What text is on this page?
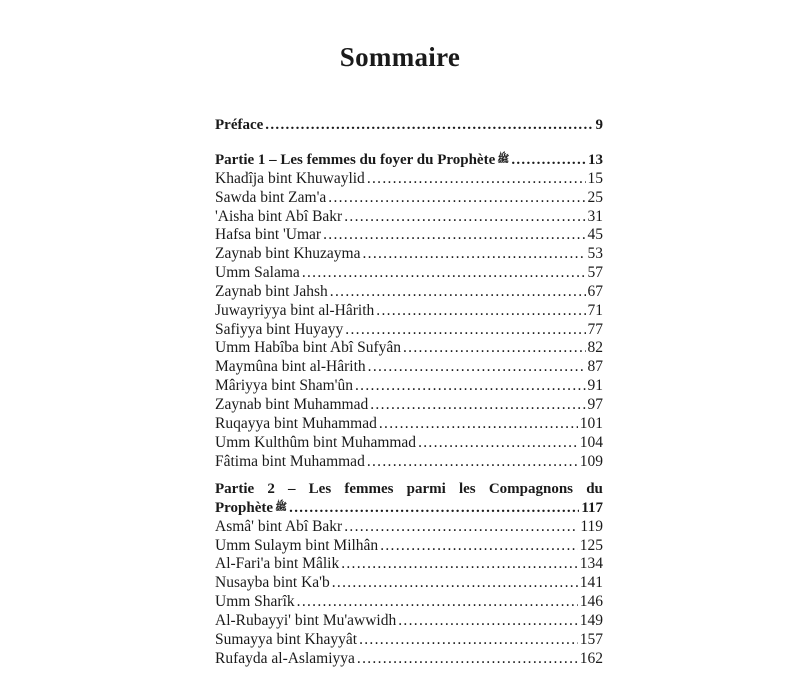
Sommaire
Préface .....	9
Partie 1 – Les femmes du foyer du Prophète ﷺ .....	13
Khadîja bint Khuwaylid .....	15
Sawda bint Zam'a .....	25
'Aisha bint Abî Bakr .....	31
Hafsa bint 'Umar .....	45
Zaynab bint Khuzayma .....	53
Umm Salama .....	57
Zaynab bint Jahsh .....	67
Juwayriyya bint al-Hârith .....	71
Safiyya bint Huyayy .....	77
Umm Habîba bint Abî Sufyân .....	82
Maymûna bint al-Hârith .....	87
Mâriyya bint Sham'ûn .....	91
Zaynab bint Muhammad .....	97
Ruqayya bint Muhammad .....	101
Umm Kulthûm bint Muhammad .....	104
Fâtima bint Muhammad .....	109
Partie 2 – Les femmes parmi les Compagnons du
Prophète ﷺ .....	117
Asmâ' bint Abî Bakr .....	119
Umm Sulaym bint Milhân .....	125
Al-Fari'a bint Mâlik .....	134
Nusayba bint Ka'b .....	141
Umm Sharîk .....	146
Al-Rubayyi' bint Mu'awwidh .....	149
Sumayya bint Khayyât .....	157
Rufayda al-Aslamiyya .....	162
